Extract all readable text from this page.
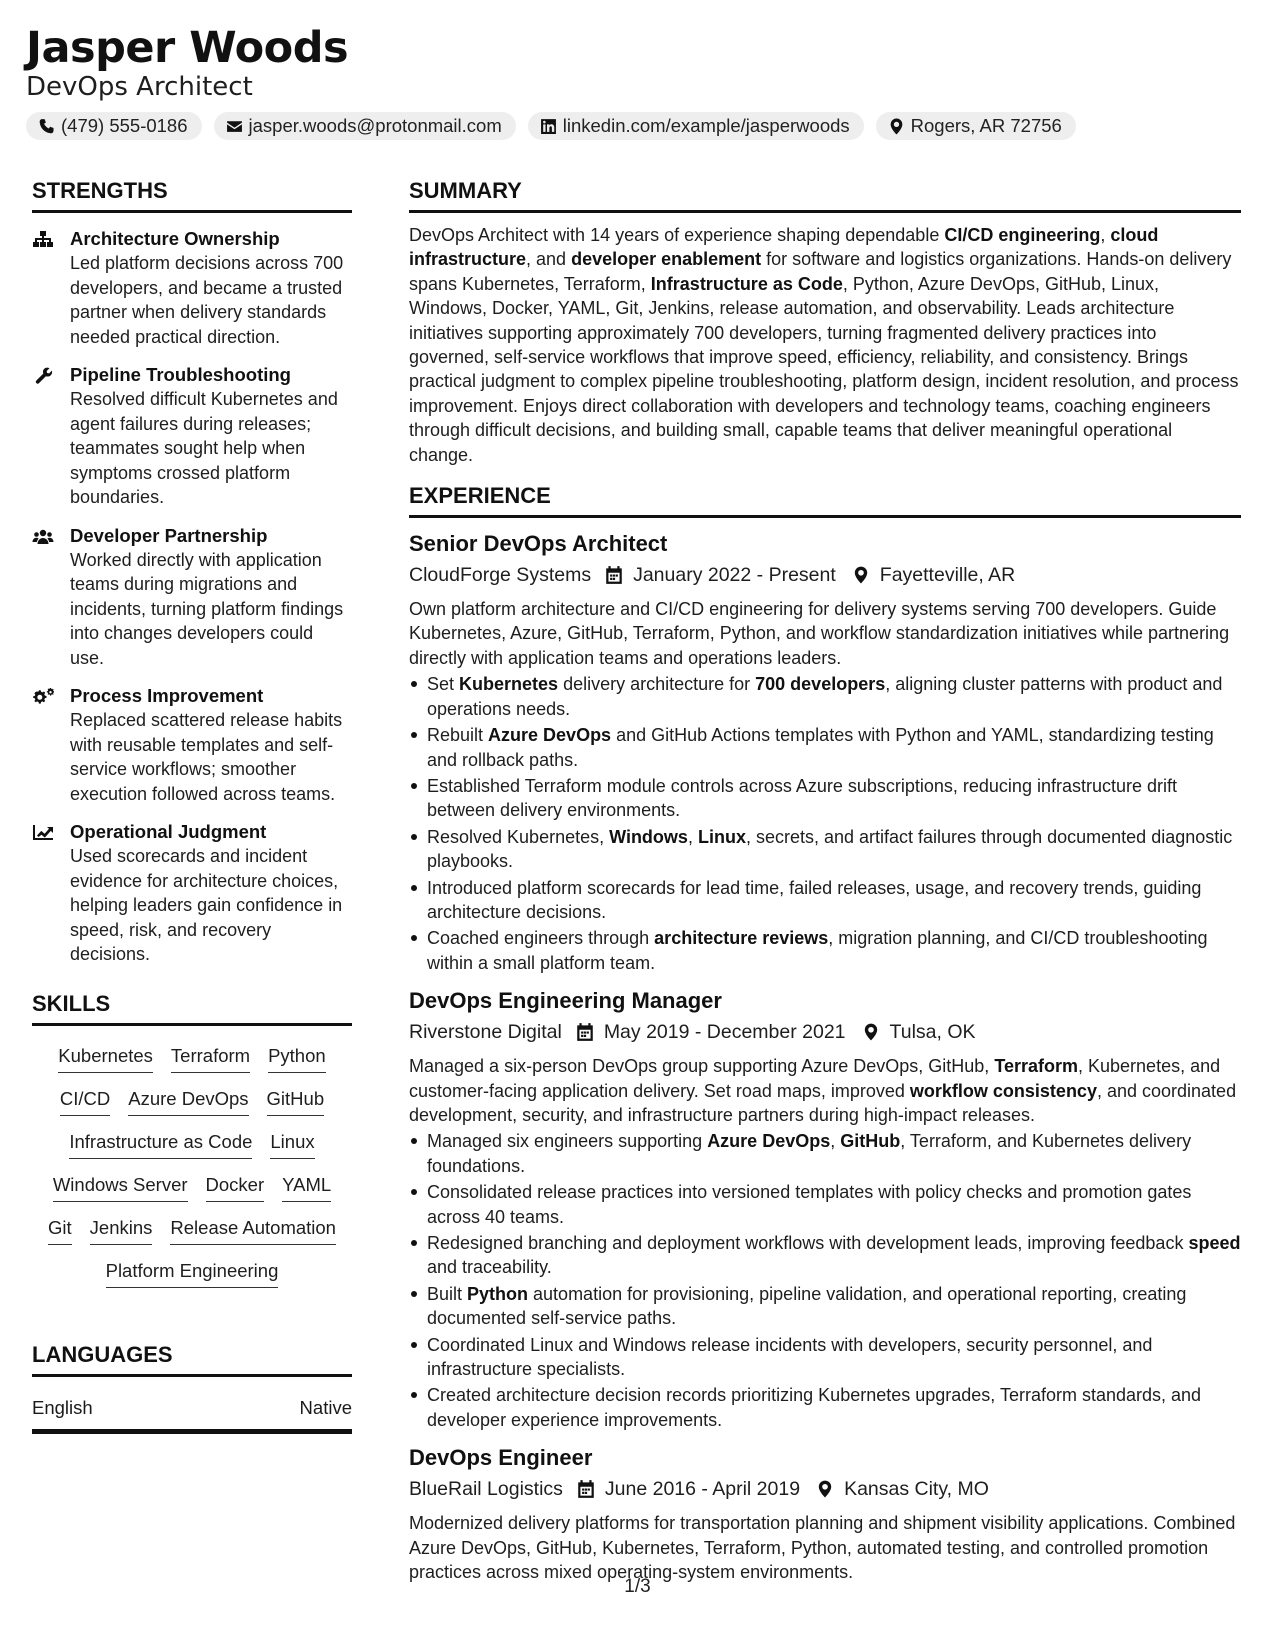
Jasper Woods
DevOps Architect
(479) 555-0186	jasper.woods@protonmail.com	linkedin.com/example/jasperwoods	Rogers, AR 72756
STRENGTHS
Architecture Ownership
Led platform decisions across 700 developers, and became a trusted partner when delivery standards needed practical direction.
Pipeline Troubleshooting
Resolved difficult Kubernetes and agent failures during releases; teammates sought help when symptoms crossed platform boundaries.
Developer Partnership
Worked directly with application teams during migrations and incidents, turning platform findings into changes developers could use.
Process Improvement
Replaced scattered release habits with reusable templates and self-service workflows; smoother execution followed across teams.
Operational Judgment
Used scorecards and incident evidence for architecture choices, helping leaders gain confidence in speed, risk, and recovery decisions.
SKILLS
Kubernetes Terraform Python
CI/CD Azure DevOps GitHub
Infrastructure as Code Linux
Windows Server Docker YAML
Git Jenkins Release Automation
Platform Engineering
LANGUAGES
English	Native
SUMMARY

DevOps Architect with 14 years of experience shaping dependable CI/CD engineering, cloud infrastructure, and developer enablement for software and logistics organizations. Hands-on delivery spans Kubernetes, Terraform, Infrastructure as Code, Python, Azure DevOps, GitHub, Linux, Windows, Docker, YAML, Git, Jenkins, release automation, and observability. Leads architecture initiatives supporting approximately 700 developers, turning fragmented delivery practices into governed, self-service workflows that improve speed, efficiency, reliability, and consistency. Brings practical judgment to complex pipeline troubleshooting, platform design, incident resolution, and process improvement. Enjoys direct collaboration with developers and technology teams, coaching engineers through difficult decisions, and building small, capable teams that deliver meaningful operational change.

EXPERIENCE
Senior DevOps Architect
CloudForge Systems January 2022 - Present Fayetteville, AR

Own platform architecture and CI/CD engineering for delivery systems serving 700 developers. Guide Kubernetes, Azure, GitHub, Terraform, Python, and workflow standardization initiatives while partnering directly with application teams and operations leaders.

Set Kubernetes delivery architecture for 700 developers, aligning cluster patterns with product and operations needs.
Rebuilt Azure DevOps and GitHub Actions templates with Python and YAML, standardizing testing and rollback paths.
Established Terraform module controls across Azure subscriptions, reducing infrastructure drift between delivery environments.
Resolved Kubernetes, Windows, Linux, secrets, and artifact failures through documented diagnostic playbooks.
Introduced platform scorecards for lead time, failed releases, usage, and recovery trends, guiding architecture decisions.
Coached engineers through architecture reviews, migration planning, and CI/CD troubleshooting within a small platform team.
DevOps Engineering Manager
Riverstone Digital May 2019 - December 2021 Tulsa, OK

Managed a six-person DevOps group supporting Azure DevOps, GitHub, Terraform, Kubernetes, and customer-facing application delivery. Set road maps, improved workflow consistency, and coordinated development, security, and infrastructure partners during high-impact releases.

Managed six engineers supporting Azure DevOps, GitHub, Terraform, and Kubernetes delivery foundations.
Consolidated release practices into versioned templates with policy checks and promotion gates across 40 teams.
Redesigned branching and deployment workflows with development leads, improving feedback speed and traceability.
Built Python automation for provisioning, pipeline validation, and operational reporting, creating documented self-service paths.
Coordinated Linux and Windows release incidents with developers, security personnel, and infrastructure specialists.
Created architecture decision records prioritizing Kubernetes upgrades, Terraform standards, and developer experience improvements.
DevOps Engineer
BlueRail Logistics June 2016 - April 2019 Kansas City, MO

Modernized delivery platforms for transportation planning and shipment visibility applications. Combined Azure DevOps, GitHub, Kubernetes, Terraform, Python, automated testing, and controlled promotion practices across mixed operating-system environments.

1/3
